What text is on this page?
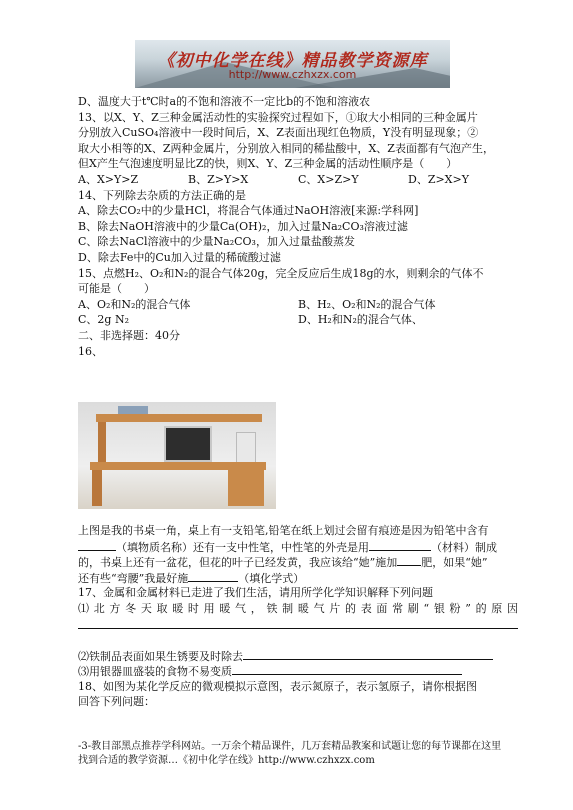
《初中化学在线》精品教学资源库
http://www.czhxzx.com
D、温度大于t℃时a的不饱和溶液不一定比b的不饱和溶液农
13、以X、Y、Z三种金属活动性的实验探究过程如下，①取大小相同的三种金属片
分别放入CuSO₄溶液中一段时间后，X、Z表面出现红色物质，Y没有明显现象；②
取大小相等的X、Z两种金属片，分别放入相同的稀盐酸中，X、Z表面都有气泡产生，
但X产生气泡速度明显比Z的快，则X、Y、Z三种金属的活动性顺序是（　　）
A、X>Y>Z	B、Z>Y>X	C、X>Z>Y	D、Z>X>Y
14、下列除去杂质的方法正确的是
A、除去CO₂中的少量HCl，将混合气体通过NaOH溶液[来源:学科网]
B、除去NaOH溶液中的少量Ca(OH)₂，加入过量Na₂CO₃溶液过滤
C、除去NaCl溶液中的少量Na₂CO₃，加入过量盐酸蒸发
D、除去Fe中的Cu加入过量的稀硫酸过滤
15、点燃H₂、O₂和N₂的混合气体20g，完全反应后生成18g的水，则剩余的气体不
可能是（　　）
A、O₂和N₂的混合气体	B、H₂、O₂和N₂的混合气体
C、2g N₂	D、H₂和N₂的混合气体、
二、非选择题：40分
16、
上图是我的书桌一角，桌上有一支铅笔,铅笔在纸上划过会留有痕迹是因为铅笔中含有
（填物质名称）还有一支中性笔，中性笔的外壳是用	（材料）制成
的，书桌上还有一盆花，但花的叶子已经发黄，我应该给“她”施加 肥，如果“她”
还有些“弯腰”我最好施	（填化学式）
17、金属和金属材料已走进了我们生活，请用所学化学知识解释下列问题
⑴北方冬天取暖时用暖气，铁制暖气片的表面常刷“银粉”的原因
⑵铁制品表面如果生锈要及时除去
⑶用银器皿盛装的食物不易变质
18、如图为某化学反应的微观模拟示意图，表示氮原子，表示氢原子，请你根据图
回答下列问题：
-3-教目部黑点推荐学科网站。一万余个精品课件，几万套精品教案和试题让您的每节课都在这里
找到合适的教学资源…《初中化学在线》http://www.czhxzx.com
